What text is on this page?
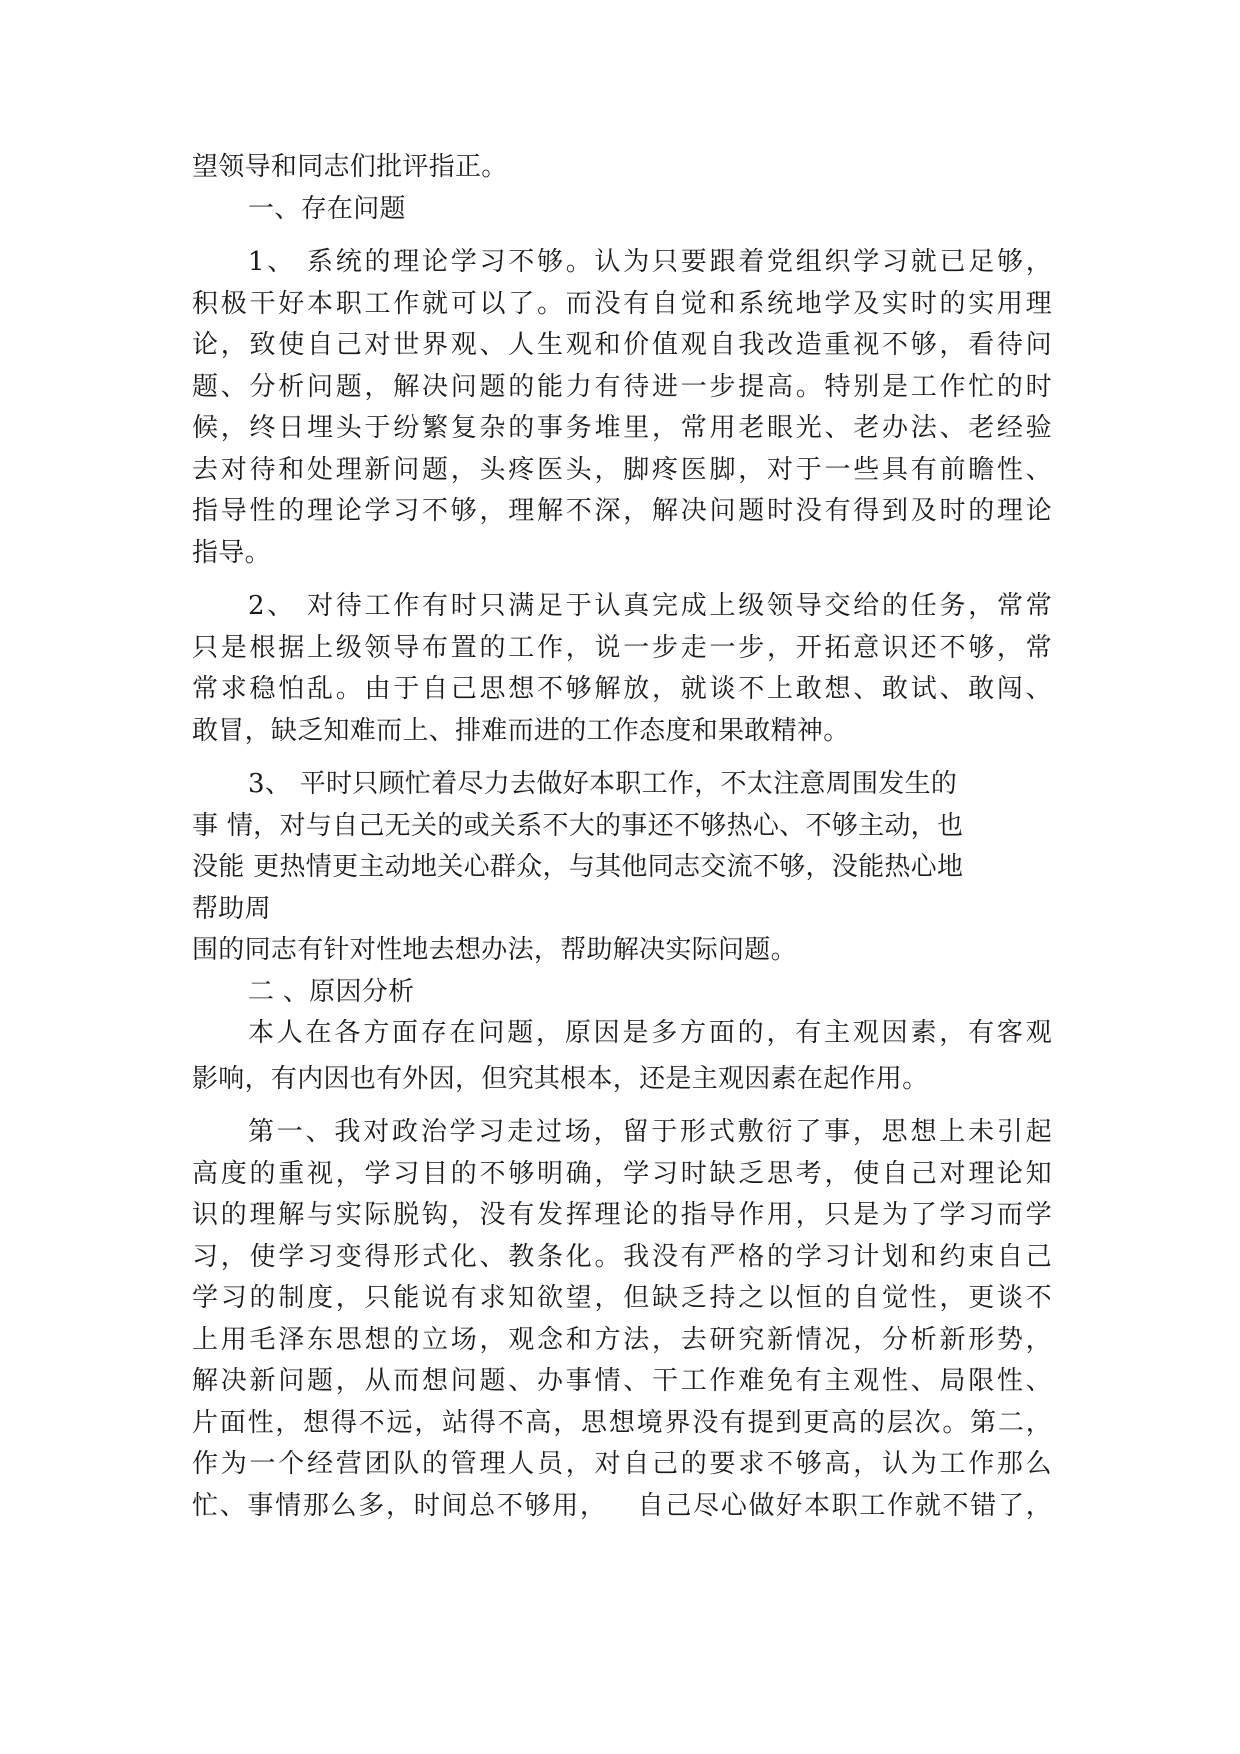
望领导和同志们批评指正。
一、存在问题
1、 系统的理论学习不够。认为只要跟着党组织学习就已足够，
积极干好本职工作就可以了。而没有自觉和系统地学及实时的实用理
论，致使自己对世界观、人生观和价值观自我改造重视不够，看待问
题、分析问题，解决问题的能力有待进一步提高。特别是工作忙的时
候，终日埋头于纷繁复杂的事务堆里，常用老眼光、老办法、老经验
去对待和处理新问题，头疼医头，脚疼医脚，对于一些具有前瞻性、
指导性的理论学习不够，理解不深，解决问题时没有得到及时的理论
指导。
2、 对待工作有时只满足于认真完成上级领导交给的任务，常常
只是根据上级领导布置的工作，说一步走一步，开拓意识还不够，常
常求稳怕乱。由于自己思想不够解放，就谈不上敢想、敢试、敢闯、
敢冒，缺乏知难而上、排难而进的工作态度和果敢精神。
3、 平时只顾忙着尽力去做好本职工作，不太注意周围发生的
事 情，对与自己无关的或关系不大的事还不够热心、不够主动，也
没能 更热情更主动地关心群众，与其他同志交流不够，没能热心地
帮助周
围的同志有针对性地去想办法，帮助解决实际问题。
二 、原因分析
本人在各方面存在问题，原因是多方面的，有主观因素，有客观
影响，有内因也有外因，但究其根本，还是主观因素在起作用。
第一、我对政治学习走过场，留于形式敷衍了事，思想上未引起
高度的重视，学习目的不够明确，学习时缺乏思考，使自己对理论知
识的理解与实际脱钩，没有发挥理论的指导作用，只是为了学习而学
习，使学习变得形式化、教条化。我没有严格的学习计划和约束自己
学习的制度，只能说有求知欲望，但缺乏持之以恒的自觉性，更谈不
上用毛泽东思想的立场，观念和方法，去研究新情况，分析新形势，
解决新问题，从而想问题、办事情、干工作难免有主观性、局限性、
片面性，想得不远，站得不高，思想境界没有提到更高的层次。第二，
作为一个经营团队的管理人员，对自己的要求不够高，认为工作那么
忙、事情那么多，时间总不够用，   自己尽心做好本职工作就不错了，
